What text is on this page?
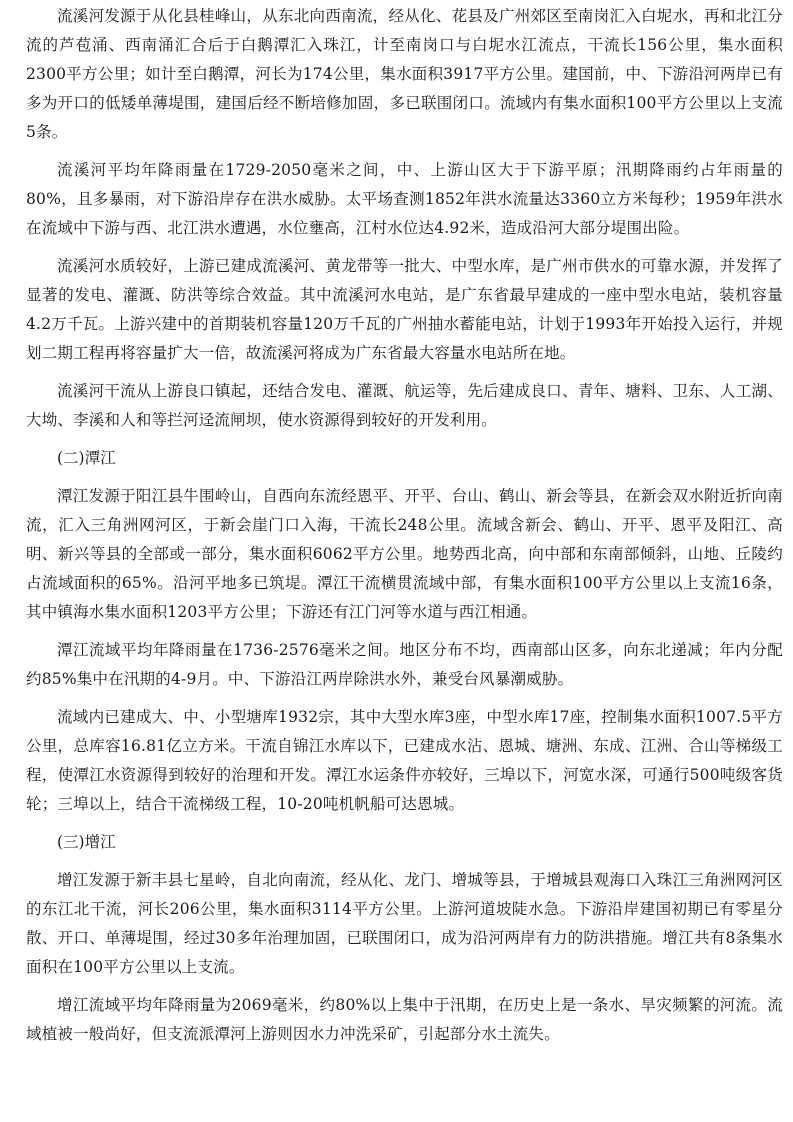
流溪河发源于从化县桂峰山，从东北向西南流，经从化、花县及广州郊区至南岗汇入白坭水，再和北江分流的芦苞涌、西南涌汇合后于白鹅潭汇入珠江，计至南岗口与白坭水江流点，干流长156公里，集水面积2300平方公里；如计至白鹅潭，河长为174公里，集水面积3917平方公里。建国前，中、下游沿河两岸已有多为开口的低矮单薄堤围，建国后经不断培修加固，多已联围闭口。流域内有集水面积100平方公里以上支流5条。

流溪河平均年降雨量在1729-2050毫米之间，中、上游山区大于下游平原；汛期降雨约占年雨量的80%，且多暴雨，对下游沿岸存在洪水威胁。太平场查测1852年洪水流量达3360立方米每秒；1959年洪水在流域中下游与西、北江洪水遭遇，水位壅高，江村水位达4.92米，造成沿河大部分堤围出险。

流溪河水质较好，上游已建成流溪河、黄龙带等一批大、中型水库，是广州市供水的可靠水源，并发挥了显著的发电、灌溉、防洪等综合效益。其中流溪河水电站，是广东省最早建成的一座中型水电站，装机容量4.2万千瓦。上游兴建中的首期装机容量120万千瓦的广州抽水蓄能电站，计划于1993年开始投入运行，并规划二期工程再将容量扩大一倍，故流溪河将成为广东省最大容量水电站所在地。

流溪河干流从上游良口镇起，还结合发电、灌溉、航运等，先后建成良口、青年、塘料、卫东、人工湖、大坳、李溪和人和等拦河迳流闸坝，使水资源得到较好的开发利用。

(二)潭江

潭江发源于阳江县牛围岭山，自西向东流经恩平、开平、台山、鹤山、新会等县，在新会双水附近折向南流，汇入三角洲网河区，于新会崖门口入海，干流长248公里。流域含新会、鹤山、开平、恩平及阳江、高明、新兴等县的全部或一部分，集水面积6062平方公里。地势西北高，向中部和东南部倾斜，山地、丘陵约占流域面积的65%。沿河平地多已筑堤。潭江干流横贯流域中部，有集水面积100平方公里以上支流16条，其中镇海水集水面积1203平方公里；下游还有江门河等水道与西江相通。

潭江流域平均年降雨量在1736-2576毫米之间。地区分布不均，西南部山区多，向东北递减；年内分配约85%集中在汛期的4-9月。中、下游沿江两岸除洪水外，兼受台风暴潮威胁。

流域内已建成大、中、小型塘库1932宗，其中大型水库3座，中型水库17座，控制集水面积1007.5平方公里，总库容16.81亿立方米。干流自锦江水库以下，已建成水沾、恩城、塘洲、东成、江洲、合山等梯级工程，使潭江水资源得到较好的治理和开发。潭江水运条件亦较好，三埠以下，河宽水深，可通行500吨级客货轮；三埠以上，结合干流梯级工程，10-20吨机帆船可达恩城。

(三)增江

增江发源于新丰县七星岭，自北向南流，经从化、龙门、增城等县，于增城县观海口入珠江三角洲网河区的东江北干流，河长206公里，集水面积3114平方公里。上游河道坡陡水急。下游沿岸建国初期已有零星分散、开口、单薄堤围，经过30多年治理加固，已联围闭口，成为沿河两岸有力的防洪措施。增江共有8条集水面积在100平方公里以上支流。

增江流域平均年降雨量为2069毫米，约80%以上集中于汛期，在历史上是一条水、旱灾频繁的河流。流域植被一般尚好，但支流派潭河上游则因水力冲洗采矿，引起部分水土流失。
